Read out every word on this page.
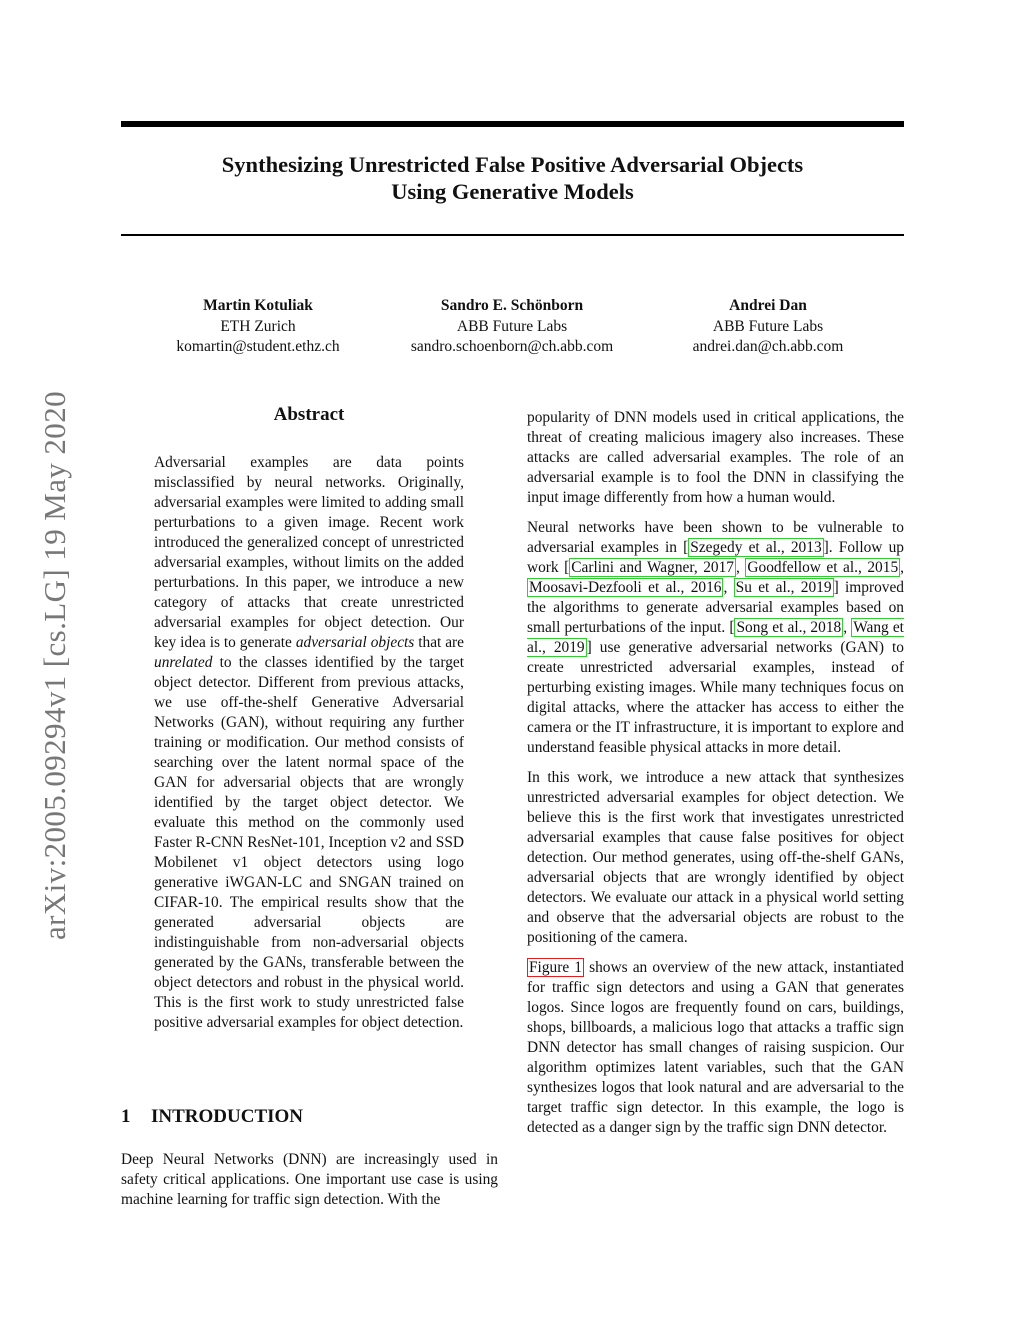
Synthesizing Unrestricted False Positive Adversarial Objects
Using Generative Models
Martin Kotuliak
ETH Zurich
komartin@student.ethz.ch
Sandro E. Schönborn
ABB Future Labs
sandro.schoenborn@ch.abb.com
Andrei Dan
ABB Future Labs
andrei.dan@ch.abb.com
arXiv:2005.09294v1 [cs.LG] 19 May 2020	Abstract
Adversarial examples are data points misclassified by neural networks. Originally, adversarial examples were limited to adding small perturbations to a given image. Recent work introduced the generalized concept of unrestricted adversarial examples, without limits on the added perturbations. In this paper, we introduce a new category of attacks that create unrestricted adversarial examples for object detection. Our key idea is to generate adversarial objects that are unrelated to the classes identified by the target object detector. Different from previous attacks, we use off-the-shelf Generative Adversarial Networks (GAN), without requiring any further training or modification. Our method consists of searching over the latent normal space of the GAN for adversarial objects that are wrongly identified by the target object detector. We evaluate this method on the commonly used Faster R-CNN ResNet-101, Inception v2 and SSD Mobilenet v1 object detectors using logo generative iWGAN-LC and SNGAN trained on CIFAR-10. The empirical results show that the generated adversarial objects are indistinguishable from non-adversarial objects generated by the GANs, transferable between the object detectors and robust in the physical world. This is the first work to study unrestricted false positive adversarial examples for object detection.
1 INTRODUCTION
Deep Neural Networks (DNN) are increasingly used in safety critical applications. One important use case is using machine learning for traffic sign detection. With the

popularity of DNN models used in critical applications, the threat of creating malicious imagery also increases. These attacks are called adversarial examples. The role of an adversarial example is to fool the DNN in classifying the input image differently from how a human would.

Neural networks have been shown to be vulnerable to adversarial examples in [ Szegedy et al., 2013 ]. Follow up work [ Carlini and Wagner, 2017 , Goodfellow et al., 2015 , Moosavi-Dezfooli et al., 2016 , Su et al., 2019 ] improved the algorithms to generate adversarial examples based on small perturbations of the input. [ Song et al., 2018 , Wang et al., 2019 ] use generative adversarial networks (GAN) to create unrestricted adversarial examples, instead of perturbing existing images. While many techniques focus on digital attacks, where the attacker has access to either the camera or the IT infrastructure, it is important to explore and understand feasible physical attacks in more detail.

In this work, we introduce a new attack that synthesizes unrestricted adversarial examples for object detection. We believe this is the first work that investigates unrestricted adversarial examples that cause false positives for object detection. Our method generates, using off-the-shelf GANs, adversarial objects that are wrongly identified by object detectors. We evaluate our attack in a physical world setting and observe that the adversarial objects are robust to the positioning of the camera.

Figure 1 shows an overview of the new attack, instantiated for traffic sign detectors and using a GAN that generates logos. Since logos are frequently found on cars, buildings, shops, billboards, a malicious logo that attacks a traffic sign DNN detector has small changes of raising suspicion. Our algorithm optimizes latent variables, such that the GAN synthesizes logos that look natural and are adversarial to the target traffic sign detector. In this example, the logo is detected as a danger sign by the traffic sign DNN detector.
